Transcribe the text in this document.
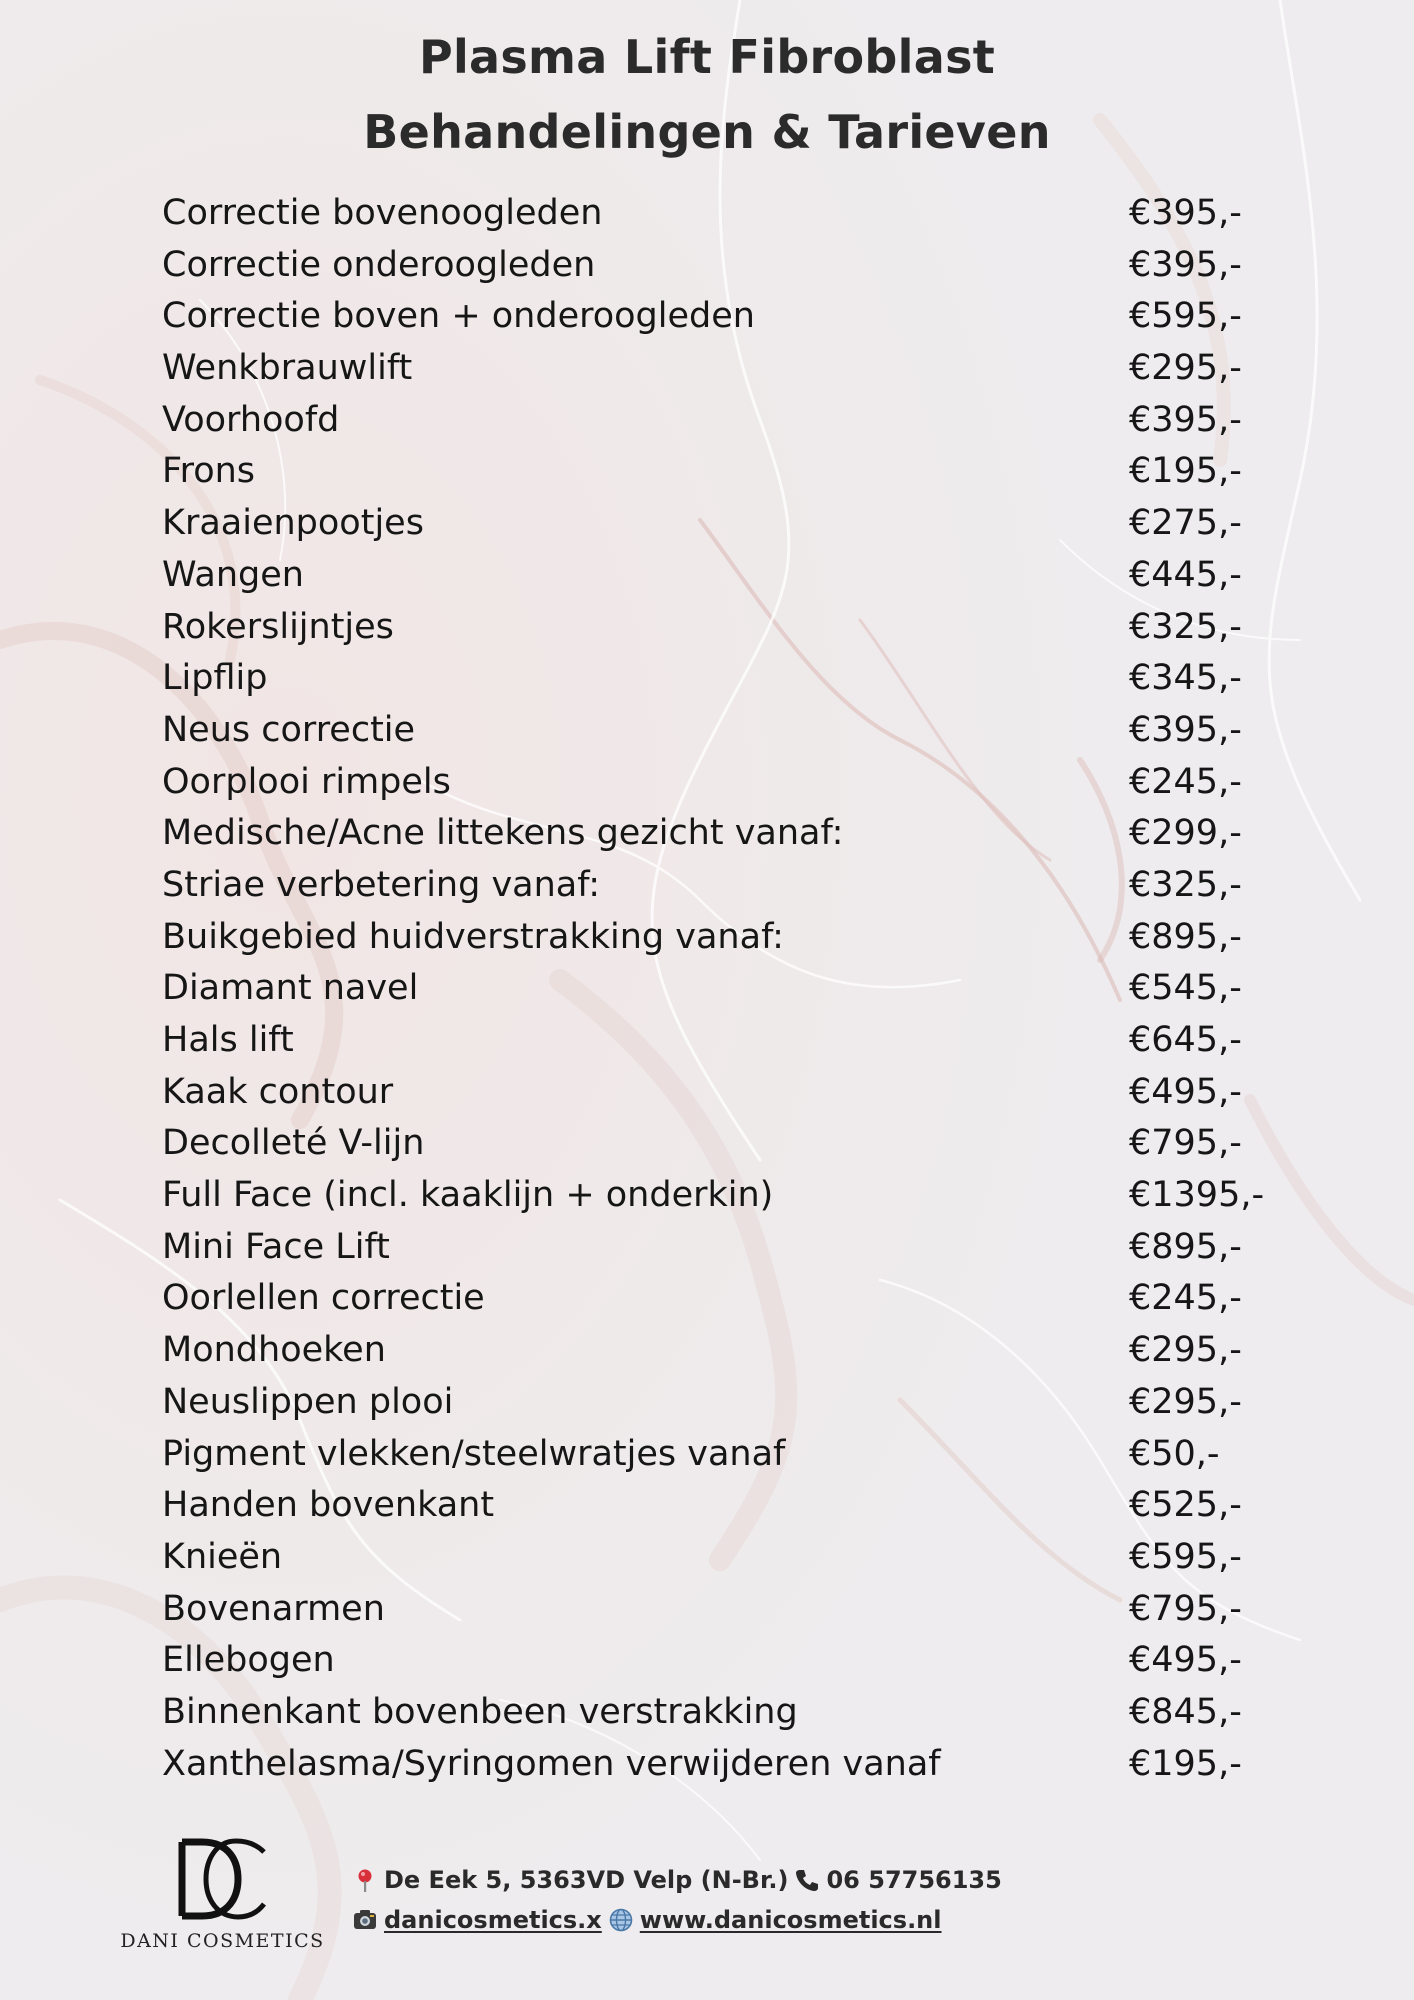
Plasma Lift Fibroblast
Behandelingen & Tarieven
Correctie bovenoogleden	€395,-
Correctie onderoogleden	€395,-
Correctie boven + onderoogleden	€595,-
Wenkbrauwlift	€295,-
Voorhoofd	€395,-
Frons	€195,-
Kraaienpootjes	€275,-
Wangen	€445,-
Rokerslijntjes	€325,-
Lipflip	€345,-
Neus correctie	€395,-
Oorplooi rimpels	€245,-
Medische/Acne littekens gezicht vanaf:	€299,-
Striae verbetering vanaf:	€325,-
Buikgebied huidverstrakking vanaf:	€895,-
Diamant navel	€545,-
Hals lift	€645,-
Kaak contour	€495,-
Decolleté V-lijn	€795,-
Full Face (incl. kaaklijn + onderkin)	€1395,-
Mini Face Lift	€895,-
Oorlellen correctie	€245,-
Mondhoeken	€295,-
Neuslippen plooi	€295,-
Pigment vlekken/steelwratjes vanaf	€50,-
Handen bovenkant	€525,-
Knieën	€595,-
Bovenarmen	€795,-
Ellebogen	€495,-
Binnenkant bovenbeen verstrakking	€845,-
Xanthelasma/Syringomen verwijderen vanaf	€195,-
DANI COSMETICS
De Eek 5, 5363VD Velp (N-Br.) 06 57756135
danicosmetics.x www.danicosmetics.nl
